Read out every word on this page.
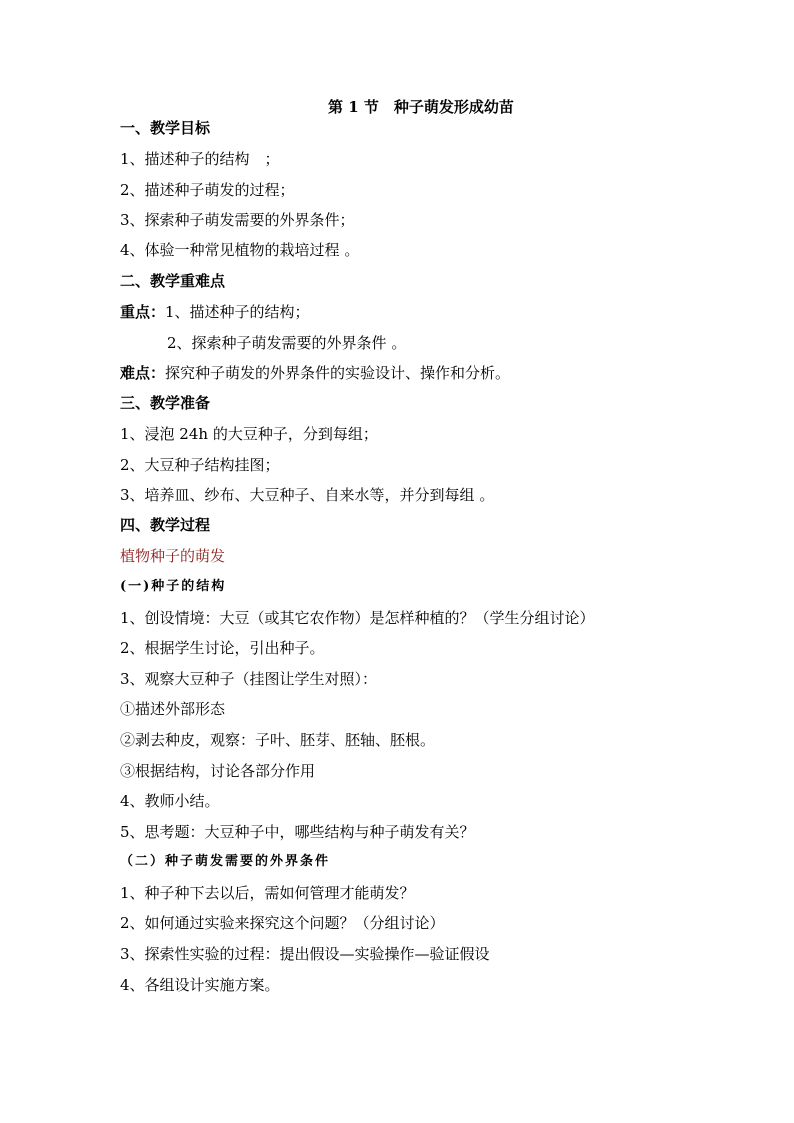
第 1 节　种子萌发形成幼苗
一、教学目标
1、描述种子的结构　；
2、描述种子萌发的过程；
3、探索种子萌发需要的外界条件；
4、体验一种常见植物的栽培过程 。
二、教学重难点
重点：1、描述种子的结构；
2、探索种子萌发需要的外界条件 。
难点：探究种子萌发的外界条件的实验设计、操作和分析。
三、教学准备
1、浸泡 24h 的大豆种子，分到每组；
2、大豆种子结构挂图；
3、培养皿、纱布、大豆种子、自来水等，并分到每组 。
四、教学过程
植物种子的萌发
(一)种子的结构
1、创设情境：大豆（或其它农作物）是怎样种植的？（学生分组讨论）
2、根据学生讨论，引出种子。
3、观察大豆种子（挂图让学生对照）：
①描述外部形态
②剥去种皮，观察：子叶、胚芽、胚轴、胚根。
③根据结构，讨论各部分作用
4、教师小结。
5、思考题：大豆种子中，哪些结构与种子萌发有关？
（二）种子萌发需要的外界条件
1、种子种下去以后，需如何管理才能萌发？
2、如何通过实验来探究这个问题？（分组讨论）
3、探索性实验的过程：提出假设—实验操作—验证假设
4、各组设计实施方案。
